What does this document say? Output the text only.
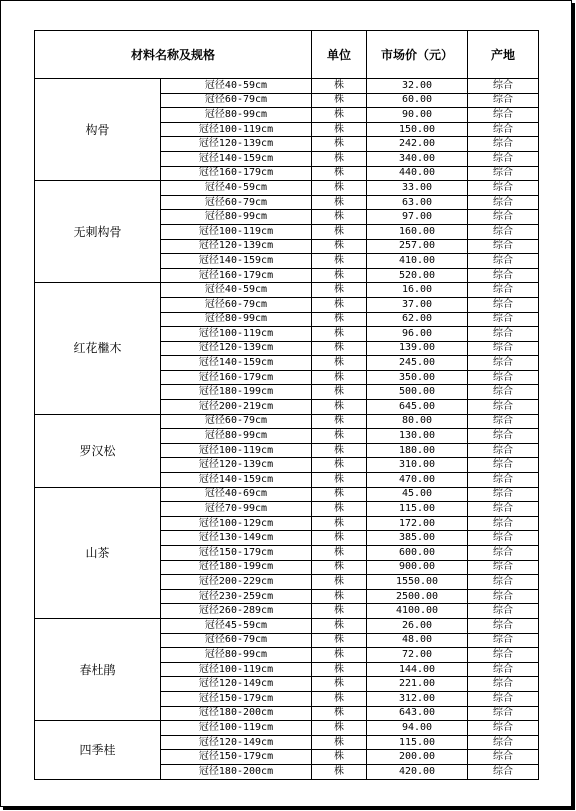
材料名称及规格		单位	市场价（元）	产地
构骨	冠径40-59cm	株	32.00	综合
	冠径60-79cm	株	60.00	综合
	冠径80-99cm	株	90.00	综合
	冠径100-119cm	株	150.00	综合
	冠径120-139cm	株	242.00	综合
	冠径140-159cm	株	340.00	综合
	冠径160-179cm	株	440.00	综合
无刺构骨	冠径40-59cm	株	33.00	综合
	冠径60-79cm	株	63.00	综合
	冠径80-99cm	株	97.00	综合
	冠径100-119cm	株	160.00	综合
	冠径120-139cm	株	257.00	综合
	冠径140-159cm	株	410.00	综合
	冠径160-179cm	株	520.00	综合
红花檵木	冠径40-59cm	株	16.00	综合
	冠径60-79cm	株	37.00	综合
	冠径80-99cm	株	62.00	综合
	冠径100-119cm	株	96.00	综合
	冠径120-139cm	株	139.00	综合
	冠径140-159cm	株	245.00	综合
	冠径160-179cm	株	350.00	综合
	冠径180-199cm	株	500.00	综合
	冠径200-219cm	株	645.00	综合
罗汉松	冠径60-79cm	株	80.00	综合
	冠径80-99cm	株	130.00	综合
	冠径100-119cm	株	180.00	综合
	冠径120-139cm	株	310.00	综合
	冠径140-159cm	株	470.00	综合
山茶	冠径40-69cm	株	45.00	综合
	冠径70-99cm	株	115.00	综合
	冠径100-129cm	株	172.00	综合
	冠径130-149cm	株	385.00	综合
	冠径150-179cm	株	600.00	综合
	冠径180-199cm	株	900.00	综合
	冠径200-229cm	株	1550.00	综合
	冠径230-259cm	株	2500.00	综合
	冠径260-289cm	株	4100.00	综合
春杜鹃	冠径45-59cm	株	26.00	综合
	冠径60-79cm	株	48.00	综合
	冠径80-99cm	株	72.00	综合
	冠径100-119cm	株	144.00	综合
	冠径120-149cm	株	221.00	综合
	冠径150-179cm	株	312.00	综合
	冠径180-200cm	株	643.00	综合
四季桂	冠径100-119cm	株	94.00	综合
	冠径120-149cm	株	115.00	综合
	冠径150-179cm	株	200.00	综合
	冠径180-200cm	株	420.00	综合
